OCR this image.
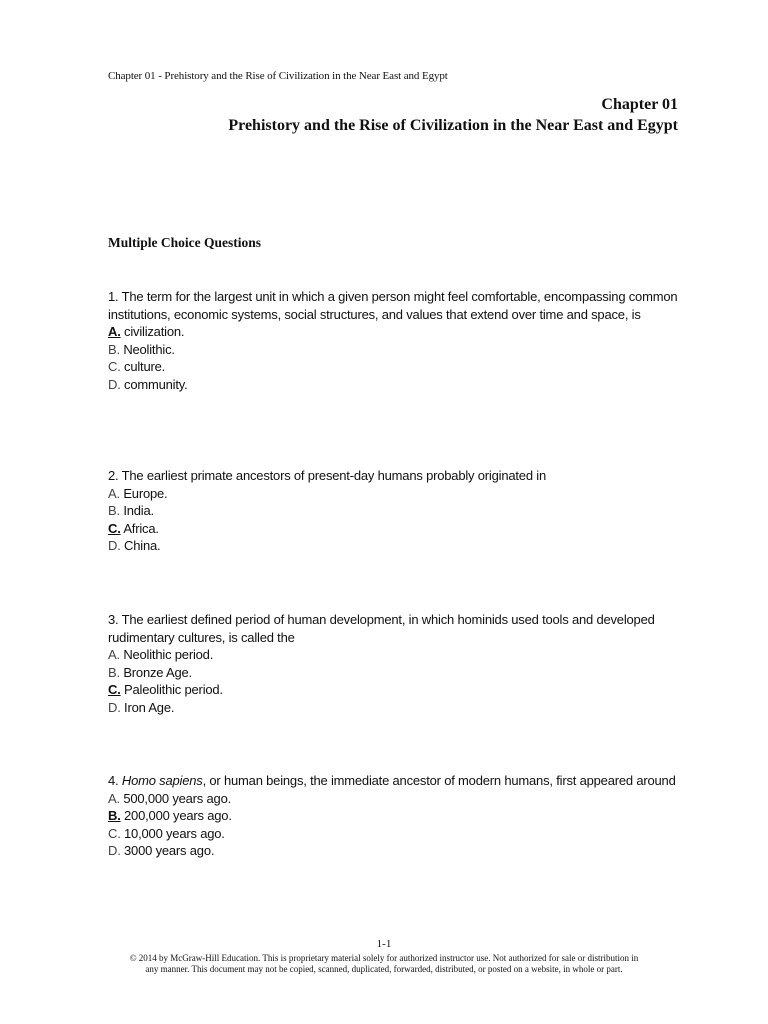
Chapter 01 - Prehistory and the Rise of Civilization in the Near East and Egypt
Chapter 01
Prehistory and the Rise of Civilization in the Near East and Egypt
Multiple Choice Questions

1. The term for the largest unit in which a given person might feel comfortable, encompassing common institutions, economic systems, social structures, and values that extend over time and space, is

A. civilization.
B. Neolithic.
C. culture.
D. community.

2. The earliest primate ancestors of present-day humans probably originated in

A. Europe.
B. India.
C. Africa.
D. China.

3. The earliest defined period of human development, in which hominids used tools and developed rudimentary cultures, is called the

A. Neolithic period.
B. Bronze Age.
C. Paleolithic period.
D. Iron Age.

4. Homo sapiens, or human beings, the immediate ancestor of modern humans, first appeared around

A. 500,000 years ago.
B. 200,000 years ago.
C. 10,000 years ago.
D. 3000 years ago.
1-1
© 2014 by McGraw-Hill Education. This is proprietary material solely for authorized instructor use. Not authorized for sale or distribution in
any manner. This document may not be copied, scanned, duplicated, forwarded, distributed, or posted on a website, in whole or part.
